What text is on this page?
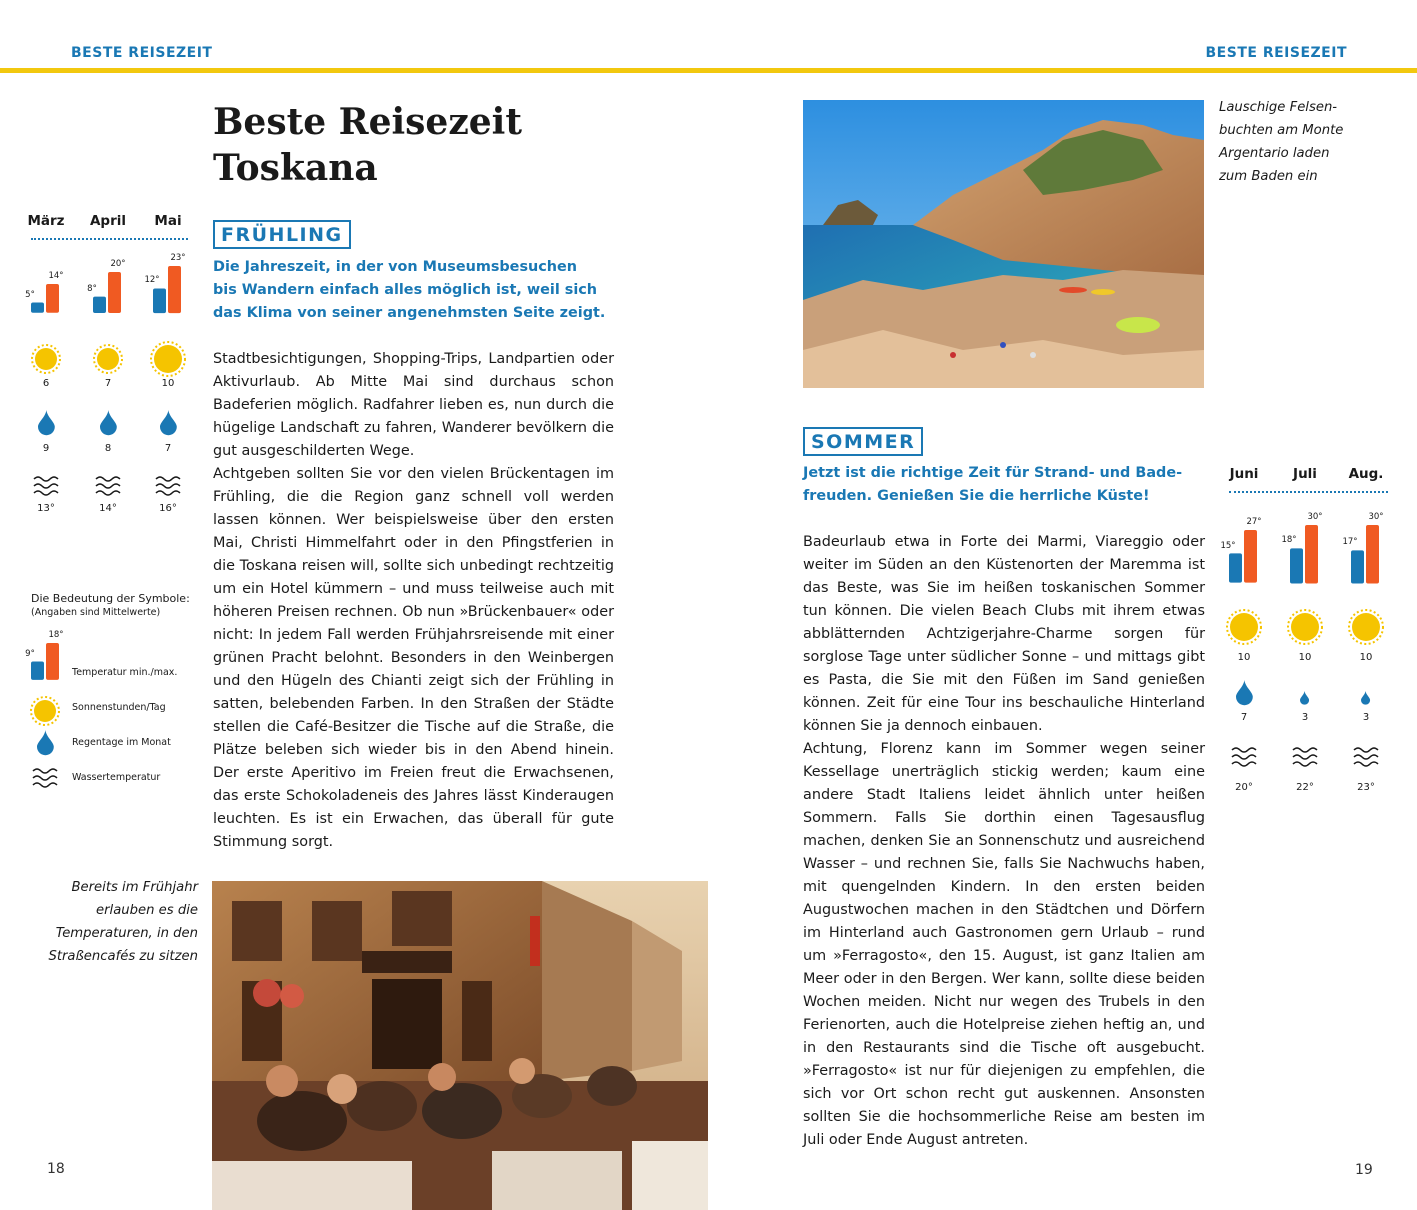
BESTE REISEZEIT	BESTE REISEZEIT
Beste Reisezeit
Toskana
FRÜHLING
Die Jahreszeit, in der von Museumsbesuchen
bis Wandern einfach alles möglich ist, weil sich
das Klima von seiner angenehmsten Seite zeigt.

Stadtbesichtigungen, Shopping-Trips, Landpartien oder Aktivurlaub. Ab Mitte Mai sind durchaus schon Badeferien möglich. Radfahrer lieben es, nun durch die hügelige Landschaft zu fahren, Wanderer bevölkern die gut ausgeschilderten Wege.

Achtgeben sollten Sie vor den vielen Brückentagen im Frühling, die die Region ganz schnell voll werden lassen können. Wer beispielsweise über den ersten Mai, Christi Himmelfahrt oder in den Pfingstferien in die Toskana reisen will, sollte sich unbedingt rechtzeitig um ein Hotel kümmern – und muss teilweise auch mit höheren Preisen rechnen. Ob nun »Brückenbauer« oder nicht: In jedem Fall werden Frühjahrsreisende mit einer grünen Pracht belohnt. Besonders in den Weinbergen und den Hügeln des Chianti zeigt sich der Frühling in satten, belebenden Farben. In den Straßen der Städte stellen die Café-Besitzer die Tische auf die Straße, die Plätze beleben sich wieder bis in den Abend hinein. Der erste Aperitivo im Freien freut die Erwachsenen, das erste Schokoladeneis des Jahres lässt Kinderaugen leuchten. Es ist ein Erwachen, das überall für gute Stimmung sorgt.

März
5°
14°
6
9
13°
April
8°
20°
7
8
14°
Mai
12°
23°
10
7
16°
Die Bedeutung der Symbole:
(Angaben sind Mittelwerte)
9°
18°
Temperatur min./max.
Sonnenstunden/Tag
Regentage im Monat
Wassertemperatur
Bereits im Frühjahr
erlauben es die
Temperaturen, in den
Straßencafés zu sitzen
Lauschige Felsen-
buchten am Monte
Argentario laden
zum Baden ein
SOMMER
Jetzt ist die richtige Zeit für Strand- und Bade-
freuden. Genießen Sie die herrliche Küste!

Badeurlaub etwa in Forte dei Marmi, Viareggio oder weiter im Süden an den Küstenorten der Maremma ist das Beste, was Sie im heißen toskanischen Sommer tun können. Die vielen Beach Clubs mit ihrem etwas abblätternden Achtzigerjahre-Charme sorgen für sorglose Tage unter südlicher Sonne – und mittags gibt es Pasta, die Sie mit den Füßen im Sand genießen können. Zeit für eine Tour ins beschauliche Hinterland können Sie ja dennoch einbauen.

Achtung, Florenz kann im Sommer wegen seiner Kessellage unerträglich stickig werden; kaum eine andere Stadt Italiens leidet ähnlich unter heißen Sommern. Falls Sie dorthin einen Tagesausflug machen, denken Sie an Sonnenschutz und ausreichend Wasser – und rechnen Sie, falls Sie Nachwuchs haben, mit quengelnden Kindern. In den ersten beiden Augustwochen machen in den Städtchen und Dörfern im Hinterland auch Gastronomen gern Urlaub – rund um »Ferragosto«, den 15. August, ist ganz Italien am Meer oder in den Bergen. Wer kann, sollte diese beiden Wochen meiden. Nicht nur wegen des Trubels in den Ferienorten, auch die Hotelpreise ziehen heftig an, und in den Restaurants sind die Tische oft ausgebucht. »Ferragosto« ist nur für diejenigen zu empfehlen, die sich vor Ort schon recht gut auskennen. Ansonsten sollten Sie die hochsommerliche Reise am besten im Juli oder Ende August antreten.

Juni
15°
27°
10
7
20°
Juli
18°
30°
10
3
22°
Aug.
17°
30°
10
3
23°
18	19
